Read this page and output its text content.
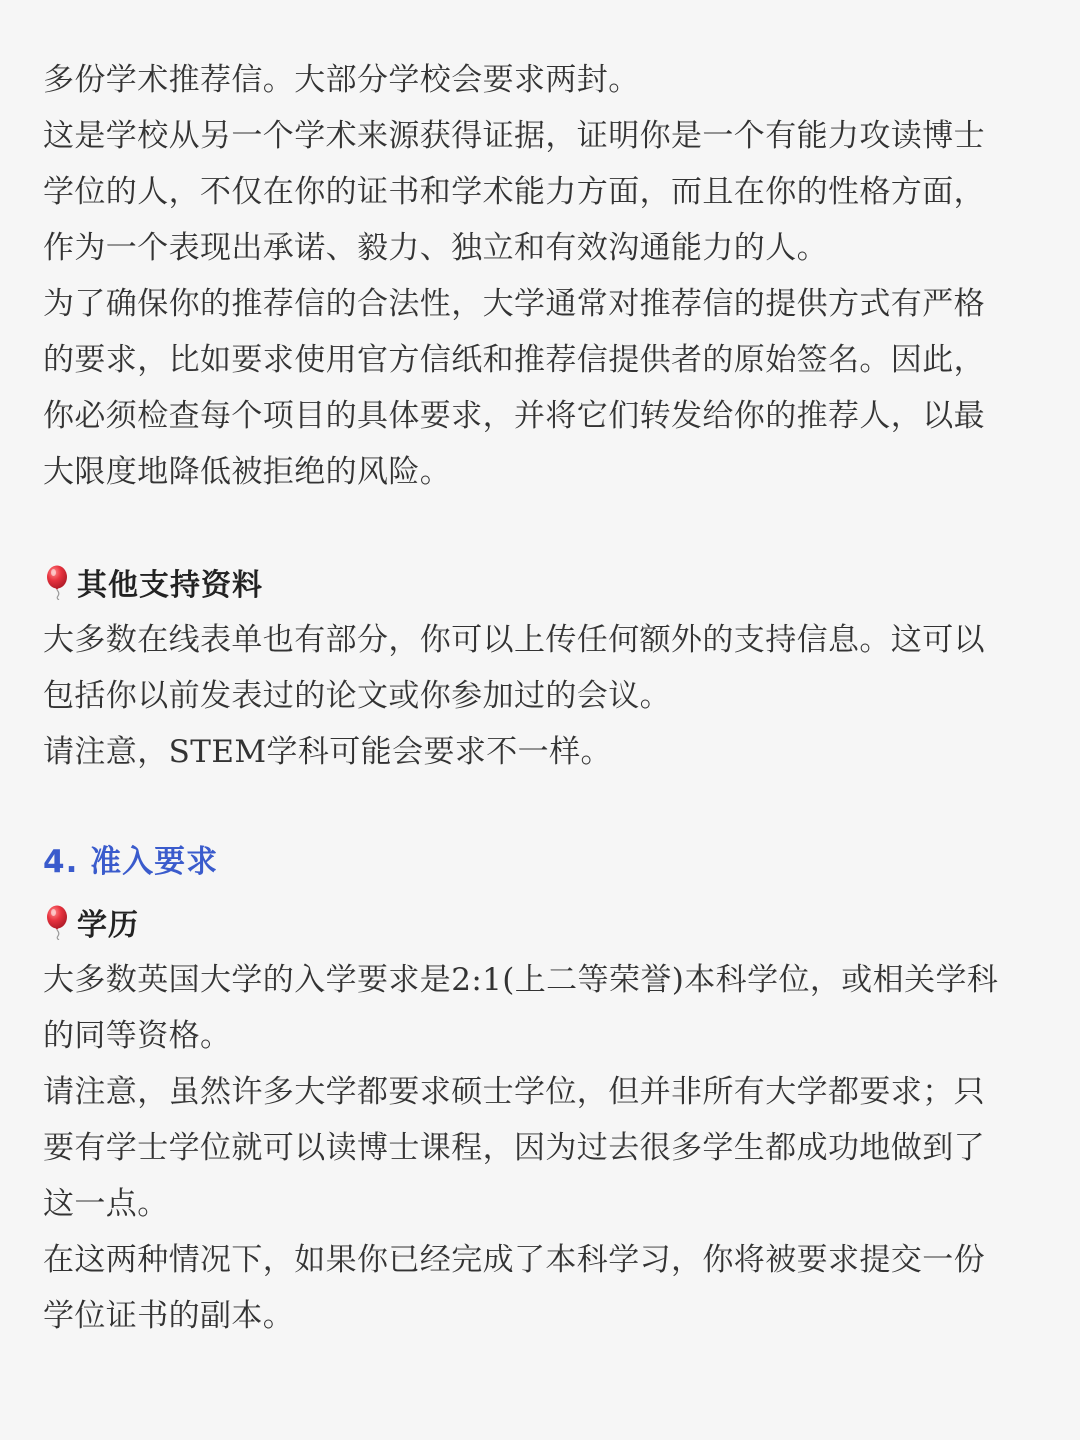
多份学术推荐信。大部分学校会要求两封。

这是学校从另一个学术来源获得证据，证明你是一个有能力攻读博士

学位的人，不仅在你的证书和学术能力方面，而且在你的性格方面，

作为一个表现出承诺、毅力、独立和有效沟通能力的人。

为了确保你的推荐信的合法性，大学通常对推荐信的提供方式有严格

的要求，比如要求使用官方信纸和推荐信提供者的原始签名。因此，

你必须检查每个项目的具体要求，并将它们转发给你的推荐人，以最

大限度地降低被拒绝的风险。

其他支持资料

大多数在线表单也有部分，你可以上传任何额外的支持信息。这可以

包括你以前发表过的论文或你参加过的会议。

请注意，STEM学科可能会要求不一样。

4. 准入要求
学历

大多数英国大学的入学要求是2:1(上二等荣誉)本科学位，或相关学科

的同等资格。

请注意，虽然许多大学都要求硕士学位，但并非所有大学都要求；只

要有学士学位就可以读博士课程，因为过去很多学生都成功地做到了

这一点。

在这两种情况下，如果你已经完成了本科学习，你将被要求提交一份

学位证书的副本。
